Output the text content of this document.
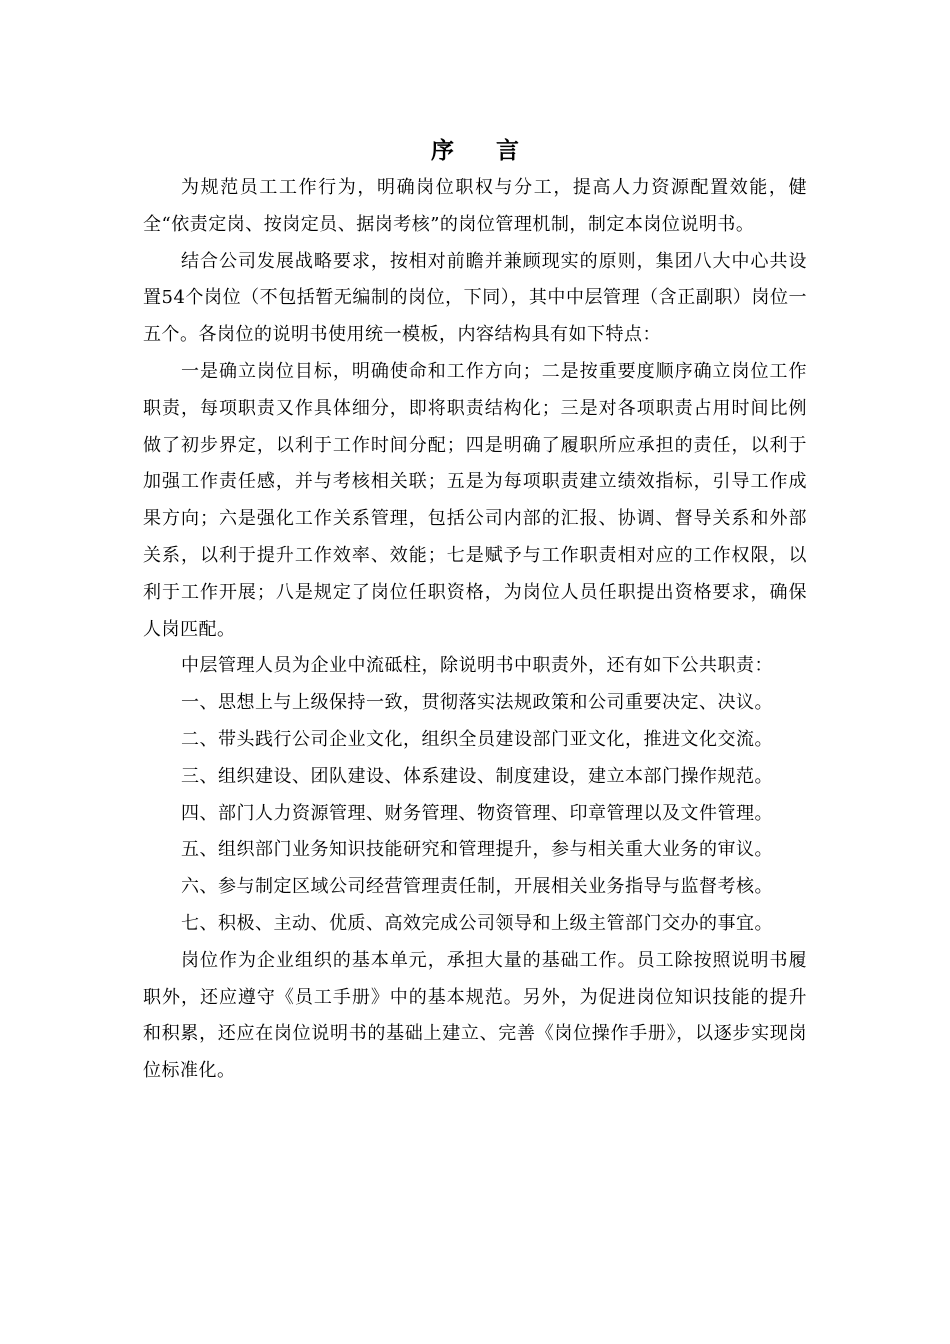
序 言

为规范员工工作行为，明确岗位职权与分工，提高人力资源配置效能，健全“依责定岗、按岗定员、据岗考核”的岗位管理机制，制定本岗位说明书。

结合公司发展战略要求，按相对前瞻并兼顾现实的原则，集团八大中心共设置54个岗位（不包括暂无编制的岗位，下同），其中中层管理（含正副职）岗位一五个。各岗位的说明书使用统一模板，内容结构具有如下特点：

一是确立岗位目标，明确使命和工作方向；二是按重要度顺序确立岗位工作职责，每项职责又作具体细分，即将职责结构化；三是对各项职责占用时间比例做了初步界定，以利于工作时间分配；四是明确了履职所应承担的责任，以利于加强工作责任感，并与考核相关联；五是为每项职责建立绩效指标，引导工作成果方向；六是强化工作关系管理，包括公司内部的汇报、协调、督导关系和外部关系，以利于提升工作效率、效能；七是赋予与工作职责相对应的工作权限，以利于工作开展；八是规定了岗位任职资格，为岗位人员任职提出资格要求，确保人岗匹配。

中层管理人员为企业中流砥柱，除说明书中职责外，还有如下公共职责：

一、思想上与上级保持一致，贯彻落实法规政策和公司重要决定、决议。

二、带头践行公司企业文化，组织全员建设部门亚文化，推进文化交流。

三、组织建设、团队建设、体系建设、制度建设，建立本部门操作规范。

四、部门人力资源管理、财务管理、物资管理、印章管理以及文件管理。

五、组织部门业务知识技能研究和管理提升，参与相关重大业务的审议。

六、参与制定区域公司经营管理责任制，开展相关业务指导与监督考核。

七、积极、主动、优质、高效完成公司领导和上级主管部门交办的事宜。

岗位作为企业组织的基本单元，承担大量的基础工作。员工除按照说明书履职外，还应遵守《员工手册》中的基本规范。另外，为促进岗位知识技能的提升和积累，还应在岗位说明书的基础上建立、完善《岗位操作手册》，以逐步实现岗位标准化。
